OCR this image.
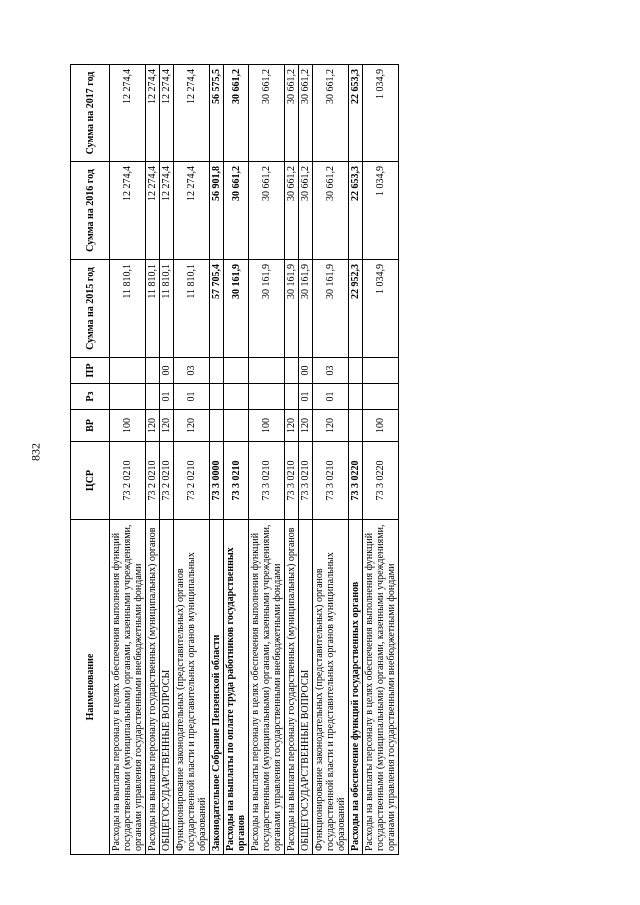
832
Наименование	ЦСР	ВР	Рз	ПР	Сумма на 2015 год	Сумма на 2016 год	Сумма на 2017 год
Расходы на выплаты персоналу в целях обеспечения выполнения функций государственными (муниципальными) органами, казенными учреждениями, органами управления государственными внебюджетными фондами	73 2 0210	100			11 810,1	12 274,4	12 274,4
Расходы на выплаты персоналу государственных (муниципальных) органов	73 2 0210	120			11 810,1	12 274,4	12 274,4
ОБЩЕГОСУДАРСТВЕННЫЕ ВОПРОСЫ	73 2 0210	120	01	00	11 810,1	12 274,4	12 274,4
Функционирование законодательных (представительных) органов государственной власти и представительных органов муниципальных образований	73 2 0210	120	01	03	11 810,1	12 274,4	12 274,4
Законодательное Собрание Пензенской области	73 3 0000				57 705,4	56 901,8	56 575,5
Расходы на выплаты по оплате труда работников государственных органов	73 3 0210				30 161,9	30 661,2	30 661,2
Расходы на выплаты персоналу в целях обеспечения выполнения функций государственными (муниципальными) органами, казенными учреждениями, органами управления государственными внебюджетными фондами	73 3 0210	100			30 161,9	30 661,2	30 661,2
Расходы на выплаты персоналу государственных (муниципальных) органов	73 3 0210	120			30 161,9	30 661,2	30 661,2
ОБЩЕГОСУДАРСТВЕННЫЕ ВОПРОСЫ	73 3 0210	120	01	00	30 161,9	30 661,2	30 661,2
Функционирование законодательных (представительных) органов государственной власти и представительных органов муниципальных образований	73 3 0210	120	01	03	30 161,9	30 661,2	30 661,2
Расходы на обеспечение функций государственных органов	73 3 0220				22 952,3	22 653,3	22 653,3
Расходы на выплаты персоналу в целях обеспечения выполнения функций государственными (муниципальными) органами, казенными учреждениями, органами управления государственными внебюджетными фондами	73 3 0220	100			1 034,9	1 034,9	1 034,9
